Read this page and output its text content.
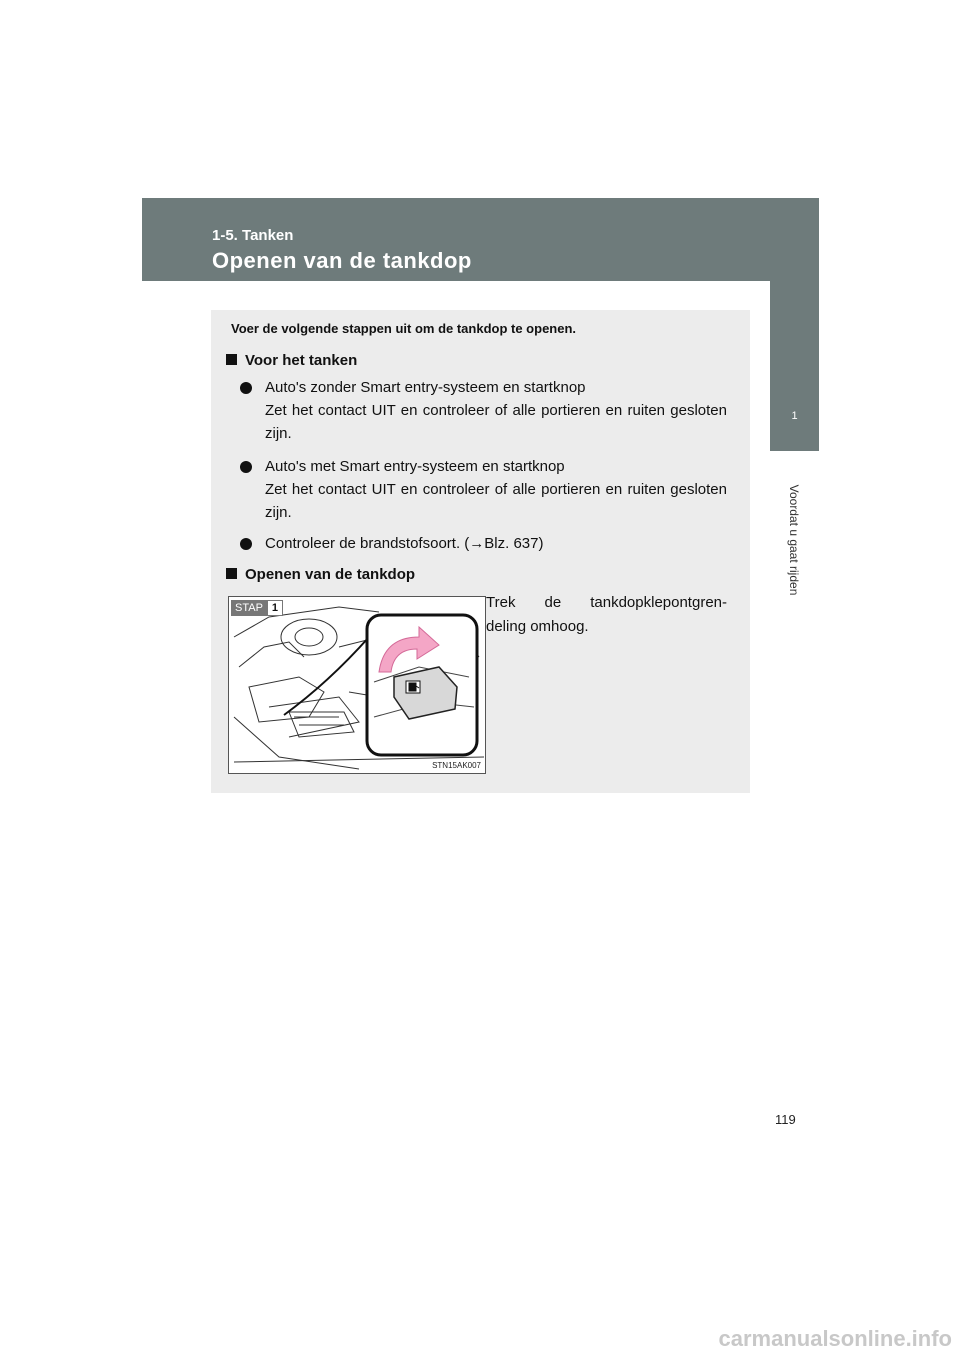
1-5. Tanken
Openen van de tankdop
1
Voordat u gaat rijden
Voer de volgende stappen uit om de tankdop te openen.
Voor het tanken
Auto's zonder Smart entry-systeem en startknop
Zet het contact UIT en controleer of alle portieren en ruiten gesloten zijn.
Auto's met Smart entry-systeem en startknop
Zet het contact UIT en controleer of alle portieren en ruiten gesloten zijn.
Controleer de brandstofsoort. (→Blz. 637)
Openen van de tankdop
STAP 1
STN15AK007
Trek de tankdopklepontgren-
deling omhoog.
119
carmanualsonline.info
